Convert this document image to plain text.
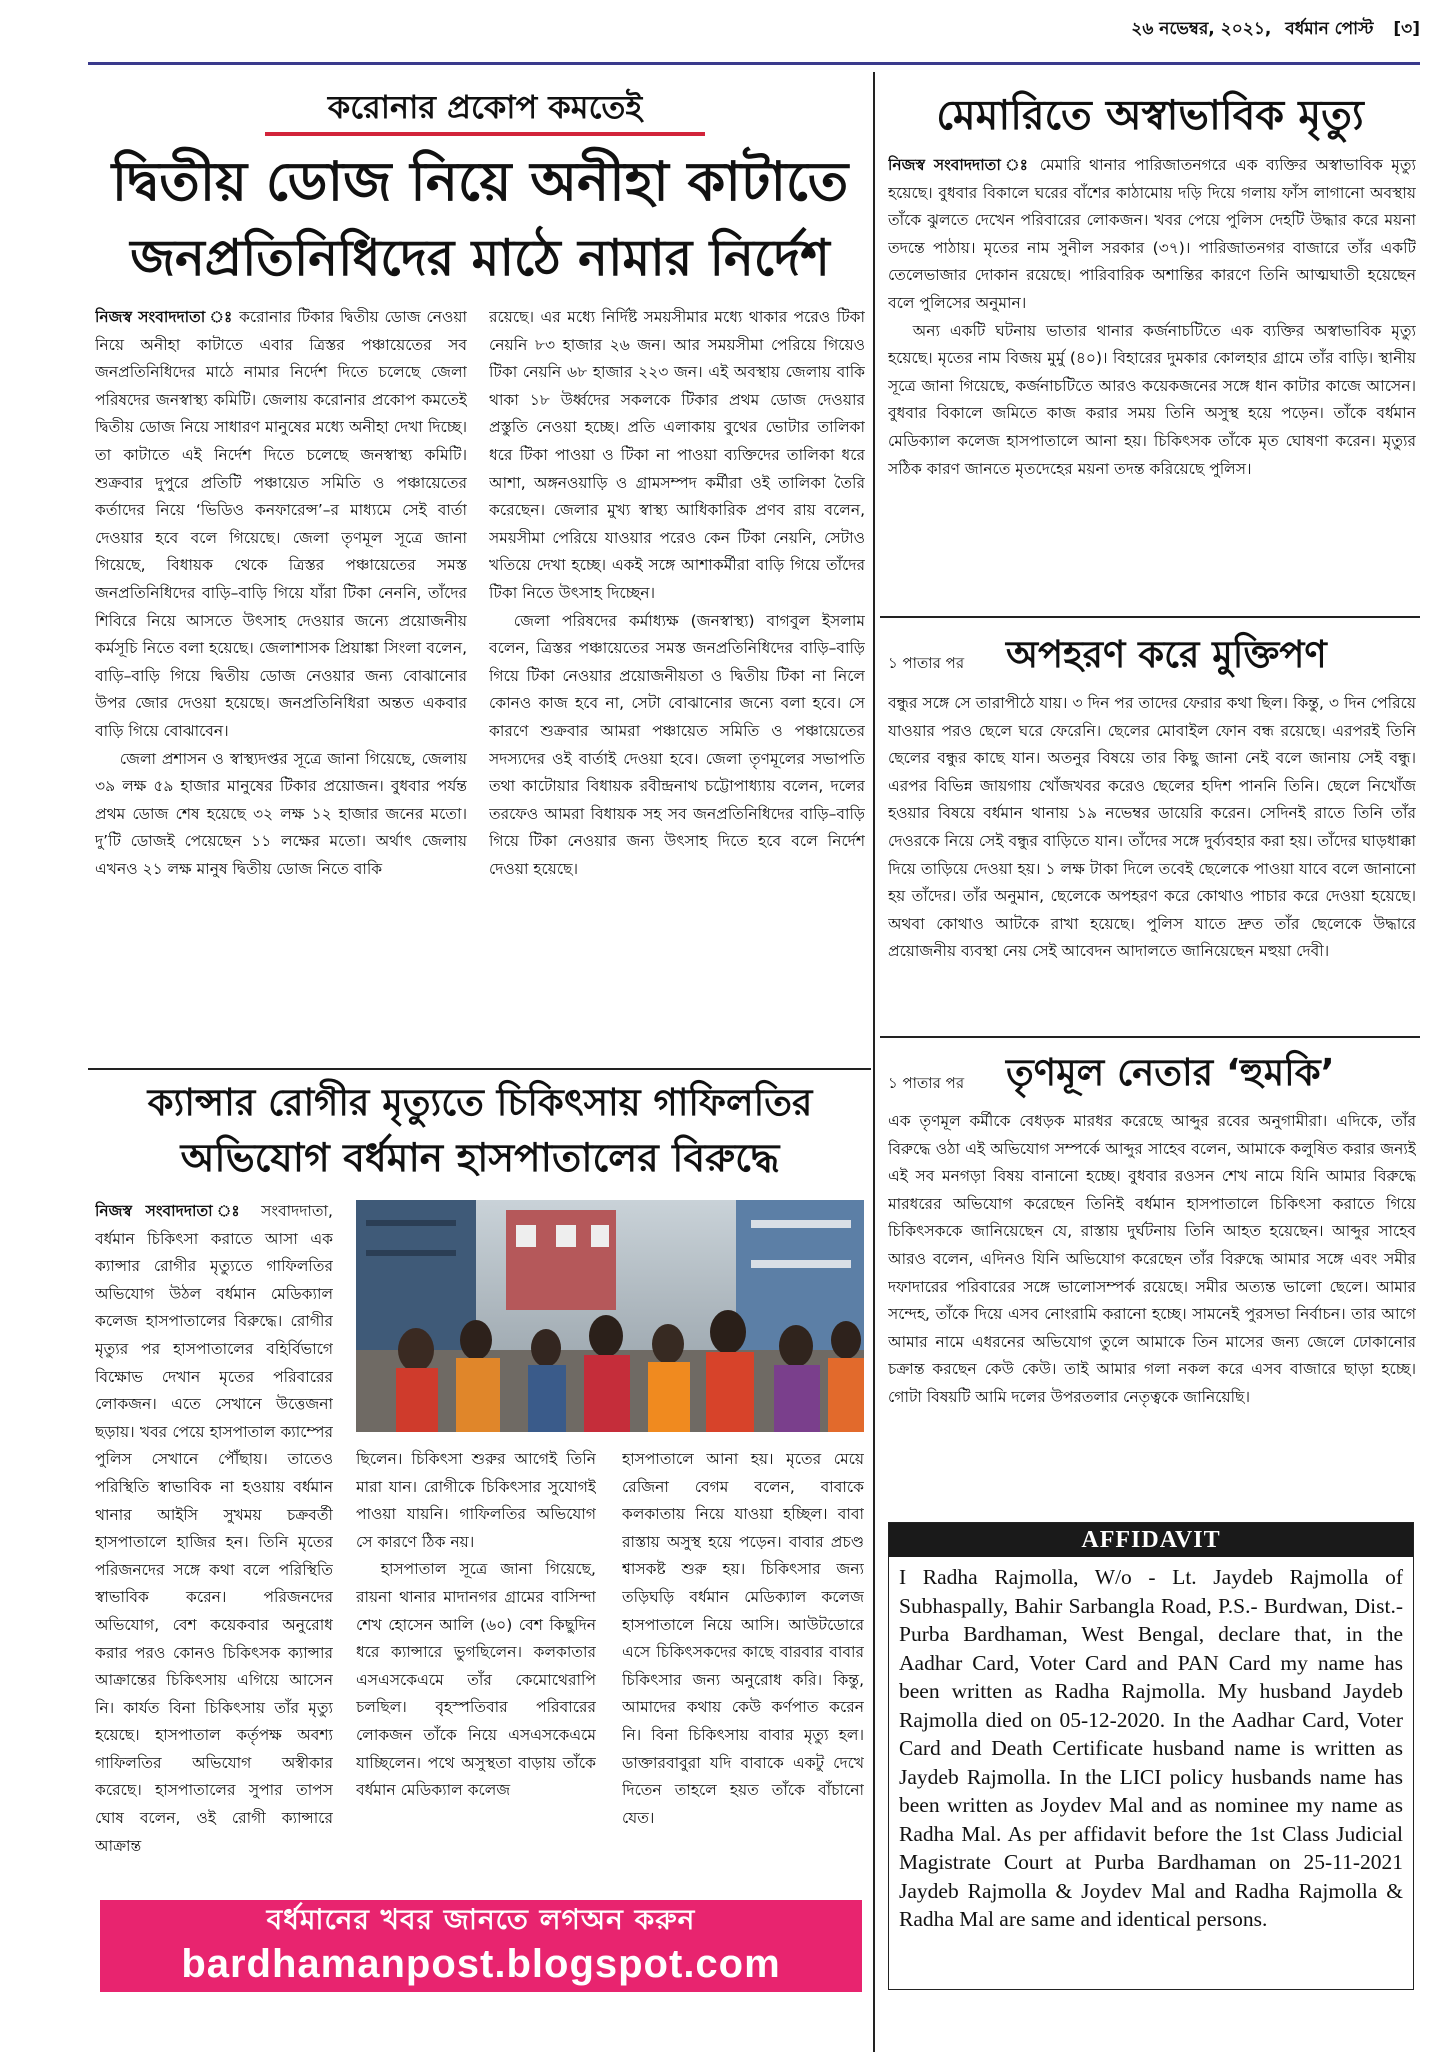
২৬ নভেম্বর, ২০২১, বর্ধমান পোস্ট [৩]

করোনার প্রকোপ কমতেই

দ্বিতীয় ডোজ নিয়ে অনীহা কাটাতে

জনপ্রতিনিধিদের মাঠে নামার নির্দেশ

নিজস্ব সংবাদদাতা ঃ করোনার টিকার দ্বিতীয় ডোজ নেওয়া নিয়ে অনীহা কাটাতে এবার ত্রিস্তর পঞ্চায়েতের সব জনপ্রতিনিধিদের মাঠে নামার নির্দেশ দিতে চলেছে জেলা পরিষদের জনস্বাস্থ্য কমিটি। জেলায় করোনার প্রকোপ কমতেই দ্বিতীয় ডোজ নিয়ে সাধারণ মানুষের মধ্যে অনীহা দেখা দিচ্ছে। তা কাটাতে এই নির্দেশ দিতে চলেছে জনস্বাস্থ্য কমিটি। শুক্রবার দুপুরে প্রতিটি পঞ্চায়েত সমিতি ও পঞ্চায়েতের কর্তাদের নিয়ে ‘ভিডিও কনফারেন্স’–র মাধ্যমে সেই বার্তা দেওয়ার হবে বলে গিয়েছে। জেলা তৃণমূল সূত্রে জানা গিয়েছে, বিধায়ক থেকে ত্রিস্তর পঞ্চায়েতের সমস্ত জনপ্রতিনিধিদের বাড়ি–বাড়ি গিয়ে যাঁরা টিকা নেননি, তাঁদের শিবিরে নিয়ে আসতে উৎসাহ দেওয়ার জন্যে প্রয়োজনীয় কর্মসূচি নিতে বলা হয়েছে। জেলাশাসক প্রিয়াঙ্কা সিংলা বলেন, বাড়ি–বাড়ি গিয়ে দ্বিতীয় ডোজ নেওয়ার জন্য বোঝানোর উপর জোর দেওয়া হয়েছে। জনপ্রতিনিধিরা অন্তত একবার বাড়ি গিয়ে বোঝাবেন।

জেলা প্রশাসন ও স্বাস্থ্যদপ্তর সূত্রে জানা গিয়েছে, জেলায় ৩৯ লক্ষ ৫৯ হাজার মানুষের টিকার প্রয়োজন। বুধবার পর্যন্ত প্রথম ডোজ শেষ হয়েছে ৩২ লক্ষ ১২ হাজার জনের মতো। দু’টি ডোজই পেয়েছেন ১১ লক্ষের মতো। অর্থাৎ জেলায় এখনও ২১ লক্ষ মানুষ দ্বিতীয় ডোজ নিতে বাকি

রয়েছে। এর মধ্যে নির্দিষ্ট সময়সীমার মধ্যে থাকার পরেও টিকা নেয়নি ৮৩ হাজার ২৬ জন। আর সময়সীমা পেরিয়ে গিয়েও টিকা নেয়নি ৬৮ হাজার ২২৩ জন। এই অবস্থায় জেলায় বাকি থাকা ১৮ উর্ধ্বদের সকলকে টিকার প্রথম ডোজ দেওয়ার প্রস্তুতি নেওয়া হচ্ছে। প্রতি এলাকায় বুথের ভোটার তালিকা ধরে টিকা পাওয়া ও টিকা না পাওয়া ব্যক্তিদের তালিকা ধরে আশা, অঙ্গনওয়াড়ি ও গ্রামসম্পদ কর্মীরা ওই তালিকা তৈরি করেছেন। জেলার মুখ্য স্বাস্থ্য আধিকারিক প্রণব রায় বলেন, সময়সীমা পেরিয়ে যাওয়ার পরেও কেন টিকা নেয়নি, সেটাও খতিয়ে দেখা হচ্ছে। একই সঙ্গে আশাকর্মীরা বাড়ি গিয়ে তাঁদের টিকা নিতে উৎসাহ দিচ্ছেন।

জেলা পরিষদের কর্মাধ্যক্ষ (জনস্বাস্থ্য) বাগবুল ইসলাম বলেন, ত্রিস্তর পঞ্চায়েতের সমস্ত জনপ্রতিনিধিদের বাড়ি–বাড়ি গিয়ে টিকা নেওয়ার প্রয়োজনীয়তা ও দ্বিতীয় টিকা না নিলে কোনও কাজ হবে না, সেটা বোঝানোর জন্যে বলা হবে। সে কারণে শুক্রবার আমরা পঞ্চায়েত সমিতি ও পঞ্চায়েতের সদস্যদের ওই বার্তাই দেওয়া হবে। জেলা তৃণমূলের সভাপতি তথা কাটোয়ার বিধায়ক রবীন্দ্রনাথ চট্টোপাধ্যায় বলেন, দলের তরফেও আমরা বিধায়ক সহ সব জনপ্রতিনিধিদের বাড়ি–বাড়ি গিয়ে টিকা নেওয়ার জন্য উৎসাহ দিতে হবে বলে নির্দেশ দেওয়া হয়েছে।

ক্যান্সার রোগীর মৃত্যুতে চিকিৎসায় গাফিলতির

অভিযোগ বর্ধমান হাসপাতালের বিরুদ্ধে

নিজস্ব সংবাদদাতা ঃ সংবাদদাতা, বর্ধমান চিকিৎসা করাতে আসা এক ক্যান্সার রোগীর মৃত্যুতে গাফিলতির অভিযোগ উঠল বর্ধমান মেডিক্যাল কলেজ হাসপাতালের বিরুদ্ধে। রোগীর মৃত্যুর পর হাসপাতালের বহির্বিভাগে বিক্ষোভ দেখান মৃতের পরিবারের লোকজন। এতে সেখানে উত্তেজনা ছড়ায়। খবর পেয়ে হাসপাতাল ক্যাম্পের পুলিস সেখানে পৌঁছায়। তাতেও পরিস্থিতি স্বাভাবিক না হওয়ায় বর্ধমান থানার আইসি সুখময় চক্রবর্তী হাসপাতালে হাজির হন। তিনি মৃতের পরিজনদের সঙ্গে কথা বলে পরিস্থিতি স্বাভাবিক করেন। পরিজনদের অভিযোগ, বেশ কয়েকবার অনুরোধ করার পরও কোনও চিকিৎসক ক্যান্সার আক্রান্তের চিকিৎসায় এগিয়ে আসেন নি। কার্যত বিনা চিকিৎসায় তাঁর মৃত্যু হয়েছে। হাসপাতাল কর্তৃপক্ষ অবশ্য গাফিলতির অভিযোগ অস্বীকার করেছে। হাসপাতালের সুপার তাপস ঘোষ বলেন, ওই রোগী ক্যান্সারে আক্রান্ত

ছিলেন। চিকিৎসা শুরুর আগেই তিনি মারা যান। রোগীকে চিকিৎসার সুযোগই পাওয়া যায়নি। গাফিলতির অভিযোগ সে কারণে ঠিক নয়।

হাসপাতাল সূত্রে জানা গিয়েছে, রায়না থানার মাদানগর গ্রামের বাসিন্দা শেখ হোসেন আলি (৬০) বেশ কিছুদিন ধরে ক্যান্সারে ভুগছিলেন। কলকাতার এসএসকেএমে তাঁর কেমোথেরাপি চলছিল। বৃহস্পতিবার পরিবারের লোকজন তাঁকে নিয়ে এসএসকেএমে যাচ্ছিলেন। পথে অসুস্থতা বাড়ায় তাঁকে বর্ধমান মেডিক্যাল কলেজ

হাসপাতালে আনা হয়। মৃতের মেয়ে রেজিনা বেগম বলেন, বাবাকে কলকাতায় নিয়ে যাওয়া হচ্ছিল। বাবা রাস্তায় অসুস্থ হয়ে পড়েন। বাবার প্রচণ্ড শ্বাসকষ্ট শুরু হয়। চিকিৎসার জন্য তড়িঘড়ি বর্ধমান মেডিক্যাল কলেজ হাসপাতালে নিয়ে আসি। আউটডোরে এসে চিকিৎসকদের কাছে বারবার বাবার চিকিৎসার জন্য অনুরোধ করি। কিন্তু, আমাদের কথায় কেউ কর্ণপাত করেন নি। বিনা চিকিৎসায় বাবার মৃত্যু হল। ডাক্তারবাবুরা যদি বাবাকে একটু দেখে দিতেন তাহলে হয়ত তাঁকে বাঁচানো যেত।

বর্ধমানের খবর জানতে লগঅন করুন
bardhamanpost.blogspot.com

মেমারিতে অস্বাভাবিক মৃত্যু

নিজস্ব সংবাদদাতা ঃ মেমারি থানার পারিজাতনগরে এক ব্যক্তির অস্বাভাবিক মৃত্যু হয়েছে। বুধবার বিকালে ঘরের বাঁশের কাঠামোয় দড়ি দিয়ে গলায় ফাঁস লাগানো অবস্থায় তাঁকে ঝুলতে দেখেন পরিবারের লোকজন। খবর পেয়ে পুলিস দেহটি উদ্ধার করে ময়না তদন্তে পাঠায়। মৃতের নাম সুনীল সরকার (৩৭)। পারিজাতনগর বাজারে তাঁর একটি তেলেভাজার দোকান রয়েছে। পারিবারিক অশান্তির কারণে তিনি আত্মঘাতী হয়েছেন বলে পুলিসের অনুমান।

অন্য একটি ঘটনায় ভাতার থানার কর্জনাচটিতে এক ব্যক্তির অস্বাভাবিক মৃত্যু হয়েছে। মৃতের নাম বিজয় মুর্মু (৪০)। বিহারের দুমকার কোলহার গ্রামে তাঁর বাড়ি। স্থানীয় সূত্রে জানা গিয়েছে, কর্জনাচটিতে আরও কয়েকজনের সঙ্গে ধান কাটার কাজে আসেন। বুধবার বিকালে জমিতে কাজ করার সময় তিনি অসুস্থ হয়ে পড়েন। তাঁকে বর্ধমান মেডিক্যাল কলেজ হাসপাতালে আনা হয়। চিকিৎসক তাঁকে মৃত ঘোষণা করেন। মৃত্যুর সঠিক কারণ জানতে মৃতদেহের ময়না তদন্ত করিয়েছে পুলিস।

১ পাতার পর অপহরণ করে মুক্তিপণ

বন্ধুর সঙ্গে সে তারাপীঠে যায়। ৩ দিন পর তাদের ফেরার কথা ছিল। কিন্তু, ৩ দিন পেরিয়ে যাওয়ার পরও ছেলে ঘরে ফেরেনি। ছেলের মোবাইল ফোন বন্ধ রয়েছে। এরপরই তিনি ছেলের বন্ধুর কাছে যান। অতনুর বিষয়ে তার কিছু জানা নেই বলে জানায় সেই বন্ধু। এরপর বিভিন্ন জায়গায় খোঁজখবর করেও ছেলের হদিশ পাননি তিনি। ছেলে নিখোঁজ হওয়ার বিষয়ে বর্ধমান থানায় ১৯ নভেম্বর ডায়েরি করেন। সেদিনই রাতে তিনি তাঁর দেওরকে নিয়ে সেই বন্ধুর বাড়িতে যান। তাঁদের সঙ্গে দুর্ব্যবহার করা হয়। তাঁদের ঘাড়ধাক্কা দিয়ে তাড়িয়ে দেওয়া হয়। ১ লক্ষ টাকা দিলে তবেই ছেলেকে পাওয়া যাবে বলে জানানো হয় তাঁদের। তাঁর অনুমান, ছেলেকে অপহরণ করে কোথাও পাচার করে দেওয়া হয়েছে। অথবা কোথাও আটকে রাখা হয়েছে। পুলিস যাতে দ্রুত তাঁর ছেলেকে উদ্ধারে প্রয়োজনীয় ব্যবস্থা নেয় সেই আবেদন আদালতে জানিয়েছেন মহুয়া দেবী।

১ পাতার পর তৃণমূল নেতার ‘হুমকি’

এক তৃণমূল কর্মীকে বেধড়ক মারধর করেছে আব্দুর রবের অনুগামীরা। এদিকে, তাঁর বিরুদ্ধে ওঠা এই অভিযোগ সম্পর্কে আব্দুর সাহেব বলেন, আমাকে কলুষিত করার জন্যই এই সব মনগড়া বিষয় বানানো হচ্ছে। বুধবার রওসন শেখ নামে যিনি আমার বিরুদ্ধে মারধরের অভিযোগ করেছেন তিনিই বর্ধমান হাসপাতালে চিকিৎসা করাতে গিয়ে চিকিৎসককে জানিয়েছেন যে, রাস্তায় দুর্ঘটনায় তিনি আহত হয়েছেন। আব্দুর সাহেব আরও বলেন, এদিনও যিনি অভিযোগ করেছেন তাঁর বিরুদ্ধে আমার সঙ্গে এবং সমীর দফাদারের পরিবারের সঙ্গে ভালোসম্পর্ক রয়েছে। সমীর অত্যন্ত ভালো ছেলে। আমার সন্দেহ, তাঁকে দিয়ে এসব নোংরামি করানো হচ্ছে। সামনেই পুরসভা নির্বাচন। তার আগে আমার নামে এধরনের অভিযোগ তুলে আমাকে তিন মাসের জন্য জেলে ঢোকানোর চক্রান্ত করছেন কেউ কেউ। তাই আমার গলা নকল করে এসব বাজারে ছাড়া হচ্ছে। গোটা বিষয়টি আমি দলের উপরতলার নেতৃত্বকে জানিয়েছি।

AFFIDAVIT

I Radha Rajmolla, W/o - Lt. Jaydeb Rajmolla of Subhaspally, Bahir Sarbangla Road, P.S.- Burdwan, Dist.- Purba Bardhaman, West Bengal, declare that, in the Aadhar Card, Voter Card and PAN Card my name has been written as Radha Rajmolla. My husband Jaydeb Rajmolla died on 05-12-2020. In the Aadhar Card, Voter Card and Death Certificate husband name is written as Jaydeb Rajmolla. In the LICI policy husbands name has been written as Joydev Mal and as nominee my name as Radha Mal. As per affidavit before the 1st Class Judicial Magistrate Court at Purba Bardhaman on 25-11-2021 Jaydeb Rajmolla & Joydev Mal and Radha Rajmolla & Radha Mal are same and identical persons.
